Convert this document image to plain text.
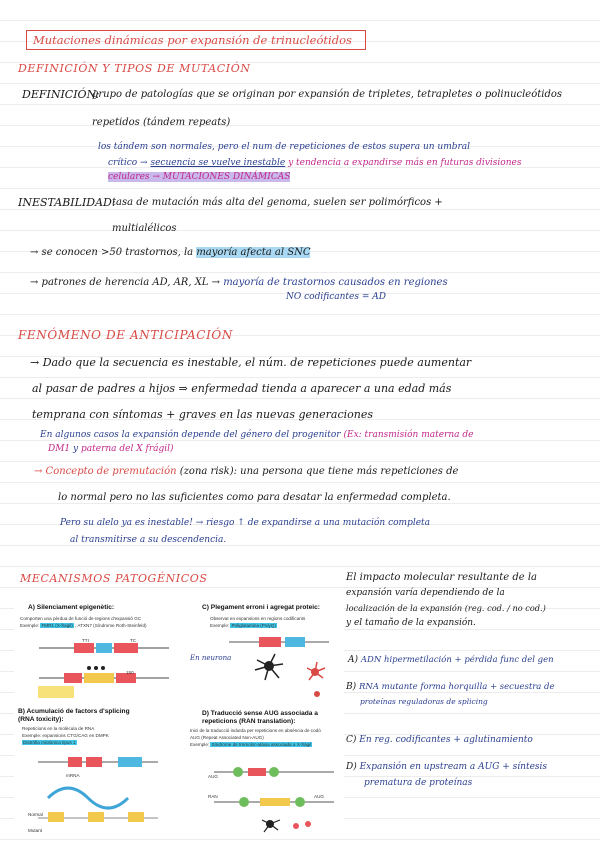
Mutaciones dinámicas por expansión de trinucleótidos
DEFINICIÓN Y TIPOS DE MUTACIÓN
DEFINICIÓN:
grupo de patologías que se originan por expansión de tripletes, tetrapletes o polinucleótidos
repetidos (tándem repeats)
los tándem son normales, pero el num de repeticiones de estos supera un umbral
crítico → secuencia se vuelve inestable y tendencia a expandirse más en futuras divisiones
celulares → MUTACIONES DINÁMICAS
INESTABILIDAD:
tasa de mutación más alta del genoma, suelen ser polimórficos +
multialélicos
→ se conocen >50 trastornos, la mayoría afecta al SNC
→ patrones de herencia AD, AR, XL → mayoría de trastornos causados en regiones
NO codificantes = AD
FENÓMENO DE ANTICIPACIÓN
→ Dado que la secuencia es inestable, el núm. de repeticiones puede aumentar
al pasar de padres a hijos ⇒ enfermedad tienda a aparecer a una edad más
temprana con síntomas + graves en las nuevas generaciones
En algunos casos la expansión depende del género del progenitor (Ex: transmisión materna de
DM1 y paterna del X frágil)
→ Concepto de premutación (zona risk): una persona que tiene más repeticiones de
lo normal pero no las suficientes como para desatar la enfermedad completa.
Pero su alelo ya es inestable! → riesgo ↑ de expandirse a una mutación completa
al transmitirse a su descendencia.
MECANISMOS PATOGÉNICOS	El impacto molecular resultante de la
expansión varía dependiendo de la
localización de la expansión (reg. cod. / no cod.)
y el tamaño de la expansión.
A) ADN hipermetilación + pérdida func del gen
B) RNA mutante forma horquilla + secuestra de
proteínas reguladoras de splicing
C) En reg. codificantes + aglutinamiento
D) Expansión en upstream a AUG + síntesis
prematura de proteínas
A) Silenciament epigenètic:
Comporten una pèrdua de funció de regions d'expansió GC
Exemple: FMR1 (X-fragil) , ATXN7 (Síndrome Roth-Steinfeld)
TTI	TC
150
B) Acumulació de factors d'splicing
(RNA toxicity):
Repeticions en la molècula de RNA
Exemple: expansions CTG/CAG en DMPK
Distròfia miotònica tipus 1
mRNA
Normal
Mutant
C) Plegament erroni i agregat proteic:
Observat en expansions en regions codificants
Exemple: Poliglutamina (PolyQ)
En neurona
D) Traducció sense AUG associada a
repeticions (RAN translation):
Inici de la traducció induïda per repeticions en absència de codó
AUG (Repeat Associated Non-AUG)
Exemple: Síndrome de tremolor-atàxia associada a X-fràgil
AUG
RAN	AUG
